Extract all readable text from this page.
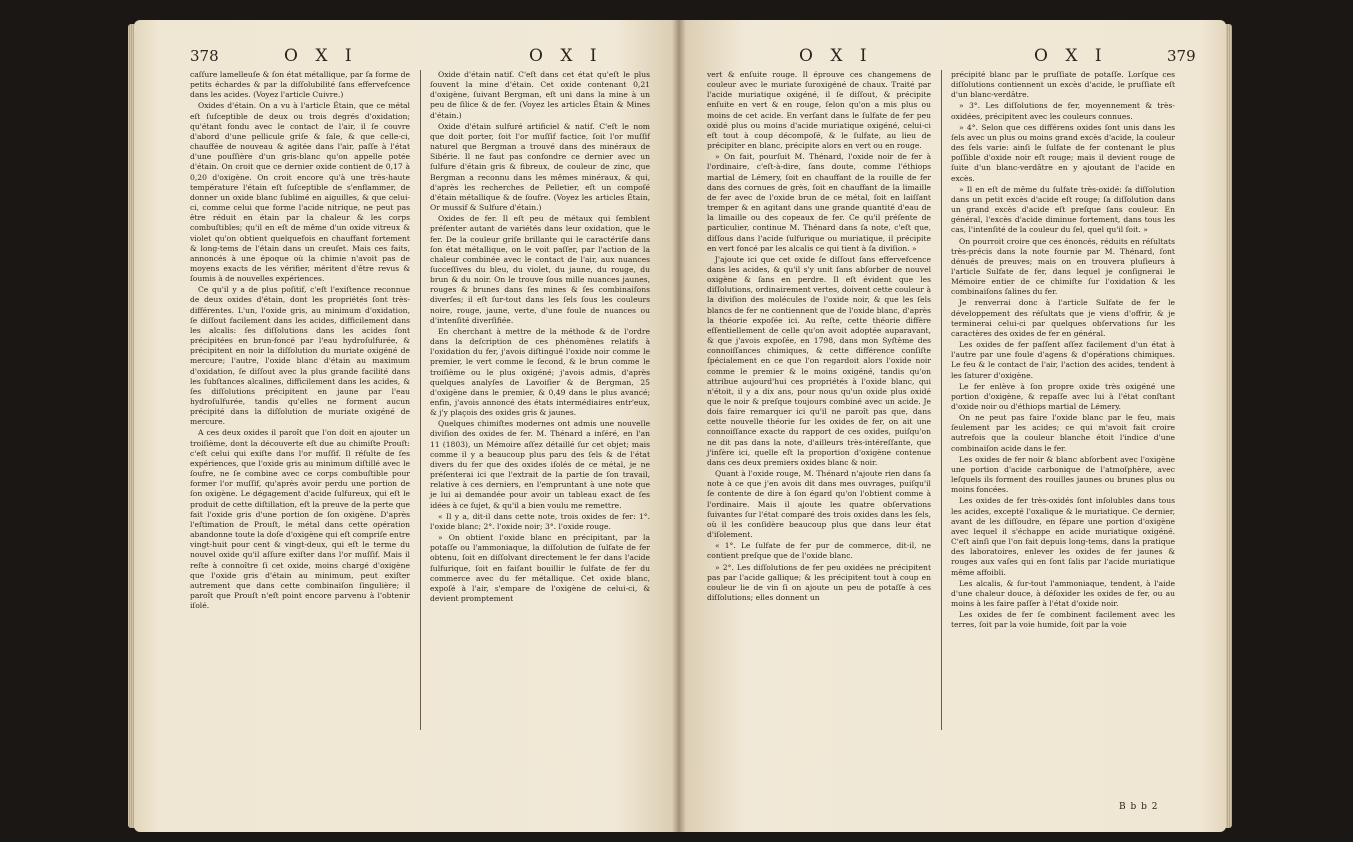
378	O X I	O X I

caſſure lamelleuſe & ſon état métallique, par ſa forme de petits échardes & par la diſſolubilité ſans effervefcence dans les acides. (Voyez l'article Cuivre.)

Oxides d'étain. On a vu à l'article Étain, que ce métal eſt ſuſceptible de deux ou trois degrés d'oxidation; qu'étant fondu avec le contact de l'air, il ſe couvre d'abord d'une pellicule griſe & ſale, & que celle-ci, chauffée de nouveau & agitée dans l'air, paſſe à l'état d'une pouſſière d'un gris-blanc qu'on appelle potée d'étain. On croit que ce dernier oxide contient de 0,17 à 0,20 d'oxigène. On croit encore qu'à une très-haute température l'étain eſt ſuſceptible de s'enflammer, de donner un oxide blanc ſublimé en aiguilles, & que celui-ci, comme celui que forme l'acide nitrique, ne peut pas être réduit en étain par la chaleur & les corps combuſtibles; qu'il en eſt de même d'un oxide vitreux & violet qu'on obtient quelquefois en chauffant fortement & long-tems de l'étain dans un creuſet. Mais ces faits, annoncés à une époque où la chimie n'avoit pas de moyens exacts de les vérifier, méritent d'être revus & ſoumis à de nouvelles expériences.

Ce qu'il y a de plus poſitif, c'eſt l'exiſtence reconnue de deux oxides d'étain, dont les propriétés ſont très-différentes. L'un, l'oxide gris, au minimum d'oxidation, ſe diſſout facilement dans les acides, difficilement dans les alcalis: ſes diſſolutions dans les acides ſont précipitées en brun-foncé par l'eau hydroſulfurée, & précipitent en noir la diſſolution du muriate oxigéné de mercure; l'autre, l'oxide blanc d'étain au maximum d'oxidation, ſe diſſout avec la plus grande facilité dans les ſubſtances alcalines, difficilement dans les acides, & ſes diſſolutions précipitent en jaune par l'eau hydroſulfurée, tandis qu'elles ne forment aucun précipité dans la diſſolution de muriate oxigéné de mercure.

A ces deux oxides il paroît que l'on doit en ajouter un troiſième, dont la découverte eſt due au chimiſte Prouſt: c'eſt celui qui exiſte dans l'or muſſif. Il réſulte de ſes expériences, que l'oxide gris au minimum diſtillé avec le ſoufre, ne ſe combine avec ce corps combuſtible pour former l'or muſſif, qu'après avoir perdu une portion de ſon oxigène. Le dégagement d'acide ſulfureux, qui eſt le produit de cette diſtillation, eſt la preuve de la perte que fait l'oxide gris d'une portion de ſon oxigène. D'après l'eſtimation de Prouſt, le métal dans cette opération abandonne toute la doſe d'oxigène qui eſt compriſe entre vingt-huit pour cent & vingt-deux, qui eſt le terme du nouvel oxide qu'il aſſure exiſter dans l'or muſſif. Mais il reſte à connoître ſi cet oxide, moins chargé d'oxigène que l'oxide gris d'étain au minimum, peut exiſter autrement que dans cette combinaiſon ſingulière; il paroît que Prouſt n'eſt point encore parvenu à l'obtenir iſolé.

Oxide d'étain natif. C'eſt dans cet état qu'eſt le plus ſouvent la mine d'étain. Cet oxide contenant 0,21 d'oxigène, ſuivant Bergman, eſt uni dans la mine à un peu de ſilice & de fer. (Voyez les articles Étain & Mines d'étain.)

Oxide d'étain sulfuré artificiel & natif. C'eſt le nom que doit porter, ſoit l'or muſſif factice, ſoit l'or muſſif naturel que Bergman a trouvé dans des minéraux de Sibérie. Il ne faut pas confondre ce dernier avec un ſulfure d'étain gris & fibreux, de couleur de zinc, que Bergman a reconnu dans les mêmes minéraux, & qui, d'après les recherches de Pelletier, eſt un compoſé d'étain métallique & de ſoufre. (Voyez les articles Étain, Or mussif & Sulfure d'étain.)

Oxides de fer. Il eſt peu de métaux qui ſemblent préſenter autant de variétés dans leur oxidation, que le fer. De la couleur griſe brillante qui le caractériſe dans ſon état métallique, on le voit paſſer, par l'action de la chaleur combinée avec le contact de l'air, aux nuances ſucceſſives du bleu, du violet, du jaune, du rouge, du brun & du noir. On le trouve ſous mille nuances jaunes, rouges & brunes dans ſes mines & ſes combinaiſons diverſes; il eſt ſur-tout dans les ſels ſous les couleurs noire, rouge, jaune, verte, d'une foule de nuances ou d'intenſité diverſifiée.

En cherchant à mettre de la méthode & de l'ordre dans la deſcription de ces phénomènes relatifs à l'oxidation du fer, j'avois diſtingué l'oxide noir comme le premier, le vert comme le ſecond, & le brun comme le troiſième ou le plus oxigéné; j'avois admis, d'après quelques analyſes de Lavoiſier & de Bergman, 25 d'oxigène dans le premier, & 0,49 dans le plus avancé; enfin, j'avois annoncé des états intermédiaires entr'eux, & j'y plaçois des oxides gris & jaunes.

Quelques chimiſtes modernes ont admis une nouvelle diviſion des oxides de fer. M. Thénard a inſéré, en l'an 11 (1803), un Mémoire aſſez détaillé ſur cet objet; mais comme il y a beaucoup plus paru des ſels & de l'état divers du fer que des oxides iſolés de ce métal, je ne préſenterai ici que l'extrait de la partie de ſon travail, relative à ces derniers, en l'empruntant à une note que je lui ai demandée pour avoir un tableau exact de ſes idées à ce ſujet, & qu'il a bien voulu me remettre.

« Il y a, dit-il dans cette note, trois oxides de fer: 1°. l'oxide blanc; 2°. l'oxide noir; 3°. l'oxide rouge.

» On obtient l'oxide blanc en précipitant, par la potaſſe ou l'ammoniaque, la diſſolution de ſulfate de fer obtenu, ſoit en diſſolvant directement le fer dans l'acide ſulfurique, ſoit en faiſant bouillir le ſulfate de fer du commerce avec du fer métallique. Cet oxide blanc, expoſé à l'air, s'empare de l'oxigène de celui-ci, & devient promptement

O X I	O X I	379

vert & enſuite rouge. Il éprouve ces changemens de couleur avec le muriate ſuroxigéné de chaux. Traité par l'acide muriatique oxigéné, il ſe diſſout, & précipite enſuite en vert & en rouge, ſelon qu'on a mis plus ou moins de cet acide. En verſant dans le ſulfate de fer peu oxidé plus ou moins d'acide muriatique oxigéné, celui-ci eſt tout à coup décompoſé, & le ſulfate, au lieu de précipiter en blanc, précipite alors en vert ou en rouge.

» On fait, pourſuit M. Thénard, l'oxide noir de fer à l'ordinaire, c'eſt-à-dire, ſans doute, comme l'éthiops martial de Lémery, ſoit en chauffant de la rouille de fer dans des cornues de grès, ſoit en chauffant de la limaille de fer avec de l'oxide brun de ce métal, ſoit en laiſſant tremper & en agitant dans une grande quantité d'eau de la limaille ou des copeaux de fer. Ce qu'il préſente de particulier, continue M. Thénard dans ſa note, c'eſt que, diſſous dans l'acide ſulfurique ou muriatique, il précipite en vert foncé par les alcalis ce qui tient à ſa diviſion. »

J'ajoute ici que cet oxide ſe diſſout ſans effervefcence dans les acides, & qu'il s'y unit ſans abſorber de nouvel oxigène & ſans en perdre. Il eſt évident que les diſſolutions, ordinairement vertes, doivent cette couleur à la diviſion des molécules de l'oxide noir, & que les ſels blancs de fer ne contiennent que de l'oxide blanc, d'après la théorie expoſée ici. Au reſte, cette théorie diffère eſſentiellement de celle qu'on avoit adoptée auparavant, & que j'avois expoſée, en 1798, dans mon Syſtème des connoiſſances chimiques, & cette différence conſiſte ſpécialement en ce que l'on regardoit alors l'oxide noir comme le premier & le moins oxigéné, tandis qu'on attribue aujourd'hui ces propriétés à l'oxide blanc, qui n'étoit, il y a dix ans, pour nous qu'un oxide plus oxidé que le noir & preſque toujours combiné avec un acide. Je dois faire remarquer ici qu'il ne paroît pas que, dans cette nouvelle théorie ſur les oxides de fer, on ait une connoiſſance exacte du rapport de ces oxides, puiſqu'on ne dit pas dans la note, d'ailleurs très-intéreſſante, que j'inſère ici, quelle eſt la proportion d'oxigène contenue dans ces deux premiers oxides blanc & noir.

Quant à l'oxide rouge, M. Thénard n'ajoute rien dans ſa note à ce que j'en avois dit dans mes ouvrages, puiſqu'il ſe contente de dire à ſon égard qu'on l'obtient comme à l'ordinaire. Mais il ajoute les quatre obſervations ſuivantes ſur l'état comparé des trois oxides dans les ſels, où il les conſidère beaucoup plus que dans leur état d'iſolement.

« 1°. Le ſulfate de fer pur de commerce, dit-il, ne contient preſque que de l'oxide blanc.

» 2°. Les diſſolutions de fer peu oxidées ne précipitent pas par l'acide gallique; & les précipitent tout à coup en couleur lie de vin ſi on ajoute un peu de potaſſe à ces diſſolutions; elles donnent un

précipité blanc par le pruſſiate de potaſſe. Lorſque ces diſſolutions contiennent un excès d'acide, le pruſſiate eſt d'un blanc-verdâtre.

» 3°. Les diſſolutions de fer, moyennement & très-oxidées, précipitent avec les couleurs connues.

» 4°. Selon que ces différens oxides ſont unis dans les ſels avec un plus ou moins grand excès d'acide, la couleur des ſels varie: ainſi le ſulfate de fer contenant le plus poſſible d'oxide noir eſt rouge; mais il devient rouge de ſuite d'un blanc-verdâtre en y ajoutant de l'acide en excès.

» Il en eſt de même du ſulfate très-oxidé: ſa diſſolution dans un petit excès d'acide eſt rouge; ſa diſſolution dans un grand excès d'acide eſt preſque ſans couleur. En général, l'excès d'acide diminue fortement, dans tous les cas, l'intenſité de la couleur du ſel, quel qu'il ſoit. »

On pourroit croire que ces énoncés, réduits en réſultats très-précis dans la note fournie par M. Thénard, ſont dénués de preuves; mais on en trouvera pluſieurs à l'article Sulfate de fer, dans lequel je conſignerai le Mémoire entier de ce chimiſte ſur l'oxidation & les combinaiſons ſalines du fer.

Je renverrai donc à l'article Sulfate de fer le développement des réſultats que je viens d'offrir, & je terminerai celui-ci par quelques obſervations ſur les caractères des oxides de fer en général.

Les oxides de fer paſſent aſſez facilement d'un état à l'autre par une foule d'agens & d'opérations chimiques. Le feu & le contact de l'air, l'action des acides, tendent à les ſaturer d'oxigène.

Le fer enlève à ſon propre oxide très oxigéné une portion d'oxigène, & repaſſe avec lui à l'état conſtant d'oxide noir ou d'éthiops martial de Lémery.

On ne peut pas faire l'oxide blanc par le feu, mais ſeulement par les acides; ce qui m'avoit fait croire autrefois que la couleur blanche étoit l'indice d'une combinaiſon acide dans le fer.

Les oxides de fer noir & blanc abſorbent avec l'oxigène une portion d'acide carbonique de l'atmoſphère, avec leſquels ils forment des rouilles jaunes ou brunes plus ou moins foncées.

Les oxides de fer très-oxidés ſont inſolubles dans tous les acides, excepté l'oxalique & le muriatique. Ce dernier, avant de les diſſoudre, en ſépare une portion d'oxigène avec lequel il s'échappe en acide muriatique oxigéné. C'eſt ainſi que l'on fait depuis long-tems, dans la pratique des laboratoires, enlever les oxides de fer jaunes & rouges aux vaſes qui en ſont ſalis par l'acide muriatique même affoibli.

Les alcalis, & ſur-tout l'ammoniaque, tendent, à l'aide d'une chaleur douce, à déſoxider les oxides de fer, ou au moins à les faire paſſer à l'état d'oxide noir.

Les oxides de fer ſe combinent facilement avec les terres, ſoit par la voie humide, ſoit par la voie

B b b 2
